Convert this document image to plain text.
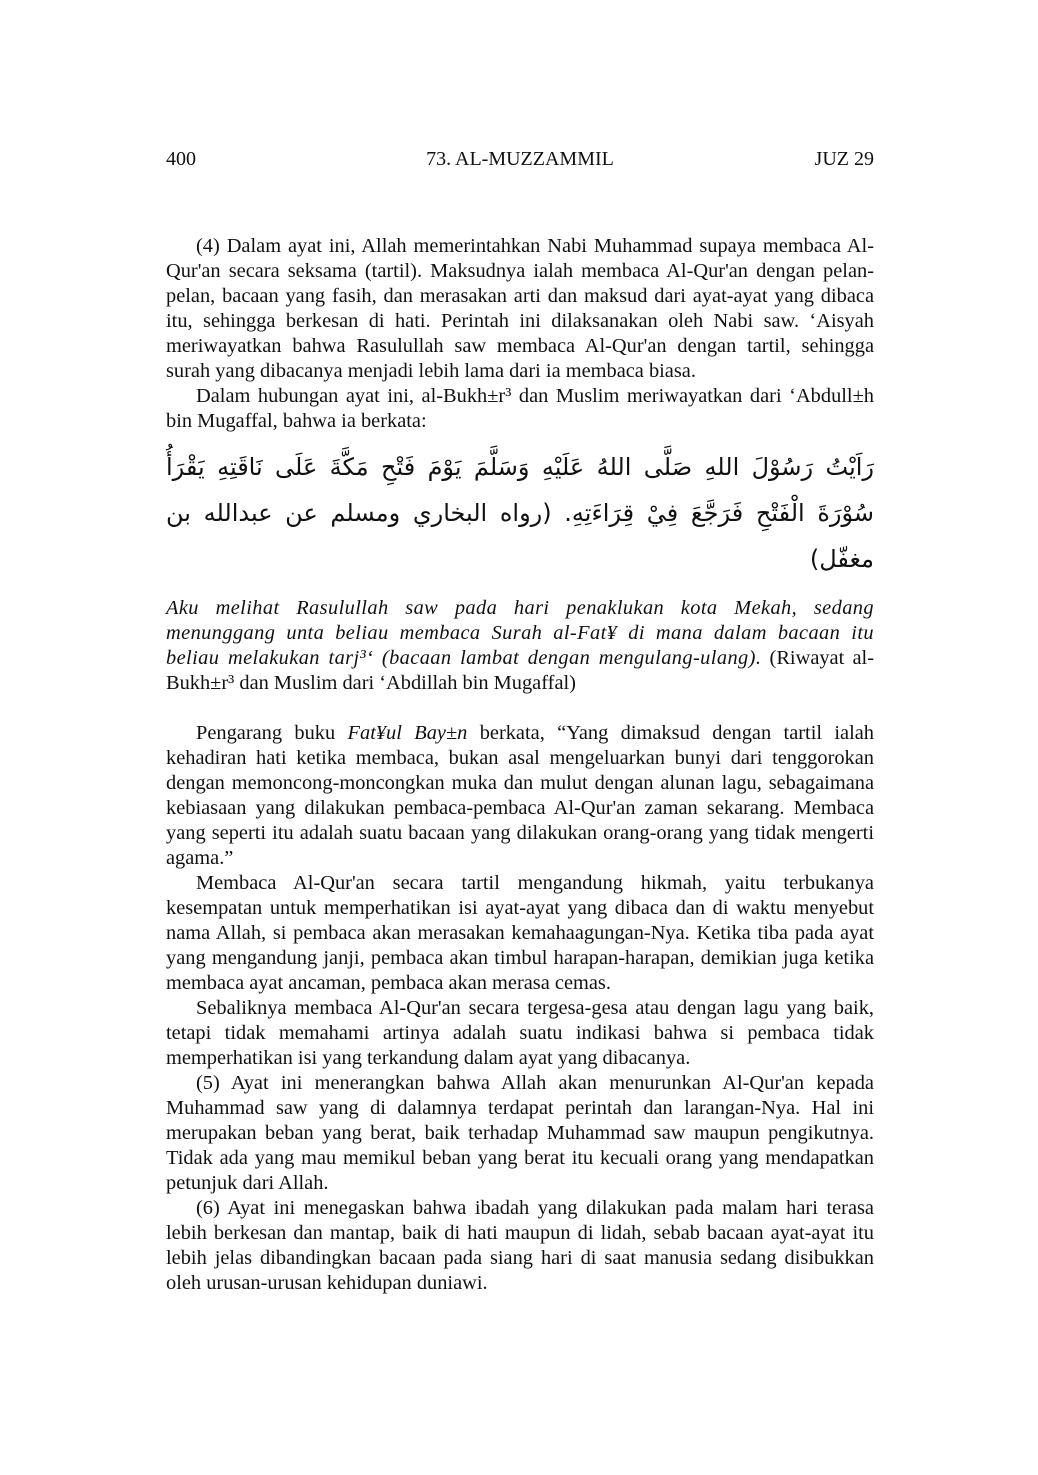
400	73. AL-MUZZAMMIL	JUZ 29

(4) Dalam ayat ini, Allah memerintahkan Nabi Muhammad supaya membaca Al-Qur'an secara seksama (tartil). Maksudnya ialah membaca Al-Qur'an dengan pelan-pelan, bacaan yang fasih, dan merasakan arti dan maksud dari ayat-ayat yang dibaca itu, sehingga berkesan di hati. Perintah ini dilaksanakan oleh Nabi saw. ‘Aisyah meriwayatkan bahwa Rasulullah saw membaca Al-Qur'an dengan tartil, sehingga surah yang dibacanya menjadi lebih lama dari ia membaca biasa.

Dalam hubungan ayat ini, al-Bukh±r³ dan Muslim meriwayatkan dari ‘Abdull±h bin Mugaffal, bahwa ia berkata:

رَاَيْتُ رَسُوْلَ اللهِ صَلَّى اللهُ عَلَيْهِ وَسَلَّمَ يَوْمَ فَتْحِ مَكَّةَ عَلَى نَاقَتِهِ يَقْرَأُ سُوْرَةَ الْفَتْحِ فَرَجَّعَ فِيْ قِرَاءَتِهِ. (رواه البخاري ومسلم عن عبدالله بن مغفّل)

Aku melihat Rasulullah saw pada hari penaklukan kota Mekah, sedang menunggang unta beliau membaca Surah al-Fat¥ di mana dalam bacaan itu beliau melakukan tarj³‘ (bacaan lambat dengan mengulang-ulang). (Riwayat al-Bukh±r³ dan Muslim dari ‘Abdillah bin Mugaffal)

Pengarang buku Fat¥ul Bay±n berkata, “Yang dimaksud dengan tartil ialah kehadiran hati ketika membaca, bukan asal mengeluarkan bunyi dari tenggorokan dengan memoncong-moncongkan muka dan mulut dengan alunan lagu, sebagaimana kebiasaan yang dilakukan pembaca-pembaca Al-Qur'an zaman sekarang. Membaca yang seperti itu adalah suatu bacaan yang dilakukan orang-orang yang tidak mengerti agama.”

Membaca Al-Qur'an secara tartil mengandung hikmah, yaitu terbukanya kesempatan untuk memperhatikan isi ayat-ayat yang dibaca dan di waktu menyebut nama Allah, si pembaca akan merasakan kemahaagungan-Nya. Ketika tiba pada ayat yang mengandung janji, pembaca akan timbul harapan-harapan, demikian juga ketika membaca ayat ancaman, pembaca akan merasa cemas.

Sebaliknya membaca Al-Qur'an secara tergesa-gesa atau dengan lagu yang baik, tetapi tidak memahami artinya adalah suatu indikasi bahwa si pembaca tidak memperhatikan isi yang terkandung dalam ayat yang dibacanya.

(5) Ayat ini menerangkan bahwa Allah akan menurunkan Al-Qur'an kepada Muhammad saw yang di dalamnya terdapat perintah dan larangan-Nya. Hal ini merupakan beban yang berat, baik terhadap Muhammad saw maupun pengikutnya. Tidak ada yang mau memikul beban yang berat itu kecuali orang yang mendapatkan petunjuk dari Allah.

(6) Ayat ini menegaskan bahwa ibadah yang dilakukan pada malam hari terasa lebih berkesan dan mantap, baik di hati maupun di lidah, sebab bacaan ayat-ayat itu lebih jelas dibandingkan bacaan pada siang hari di saat manusia sedang disibukkan oleh urusan-urusan kehidupan duniawi.
